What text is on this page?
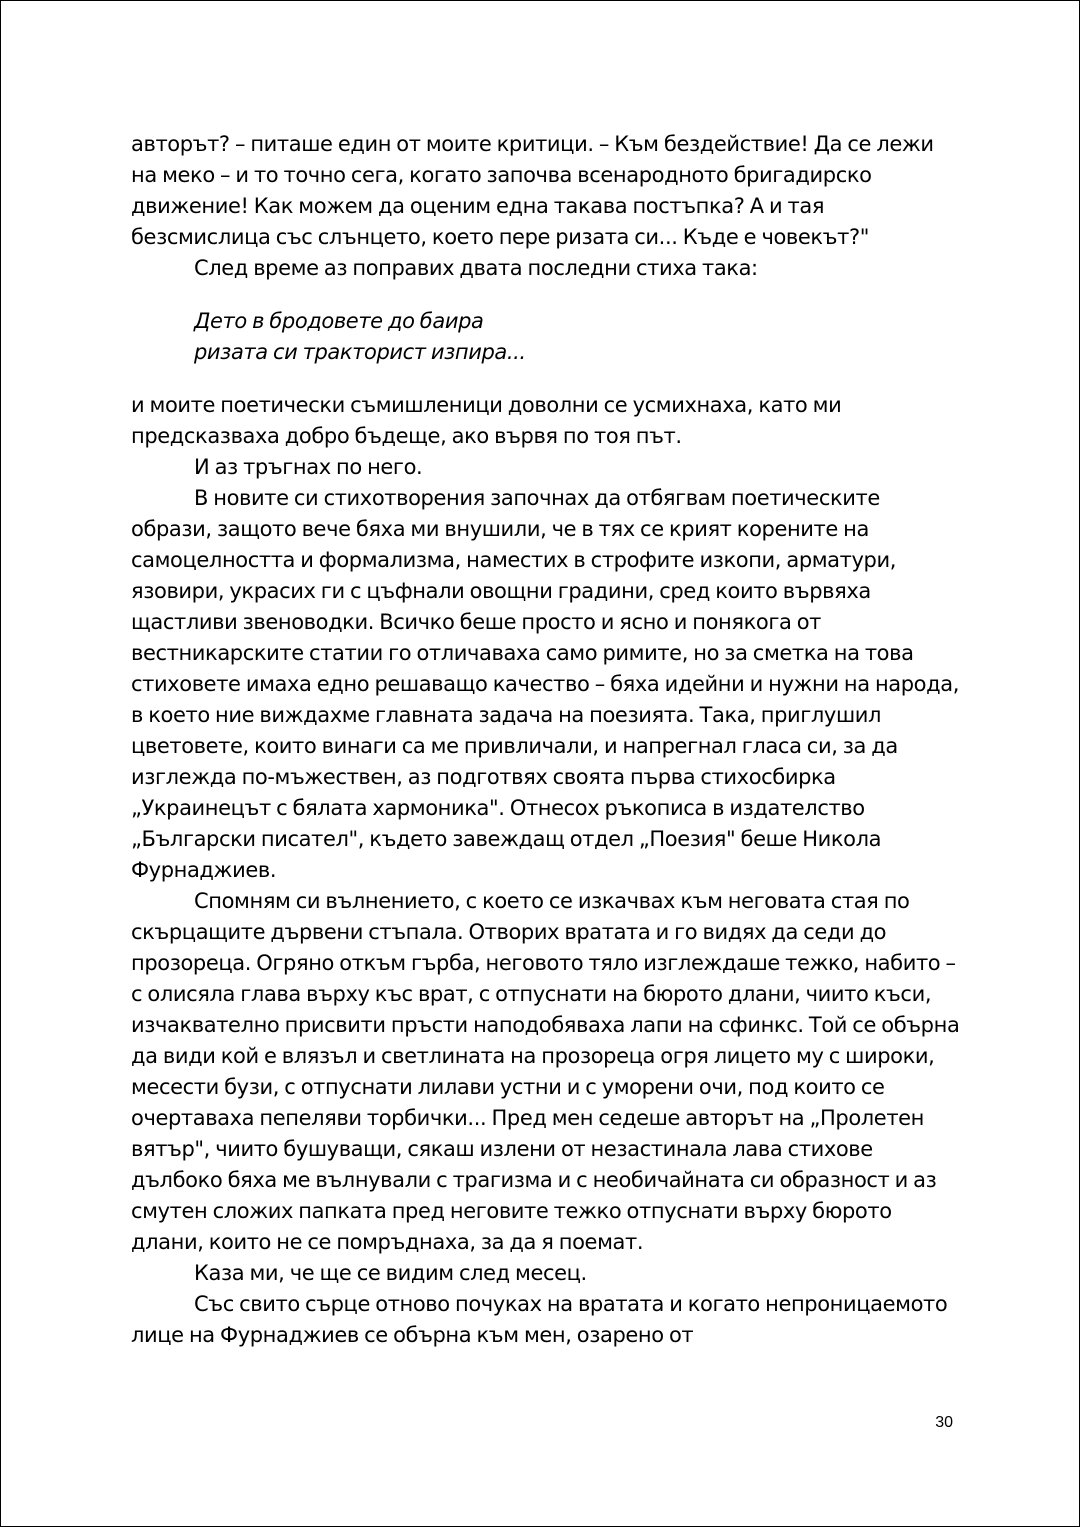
авторът? – питаше един от моите критици. – Към бездействие! Да се лежи на меко – и то точно сега, когато започва всенародното бригадирско движение! Как можем да оценим една такава постъпка? А и тая безсмислица със слънцето, което пере ризата си... Къде е човекът?"

След време аз поправих двата последни стиха така:

Дето в бродовете до баира
ризата си тракторист изпира...

и моите поетически съмишленици доволни се усмихнаха, като ми предсказваха добро бъдеще, ако вървя по тоя път.

И аз тръгнах по него.

В новите си стихотворения започнах да отбягвам поетическите образи, защото вече бяха ми внушили, че в тях се крият корените на самоцелността и формализма, наместих в строфите изкопи, арматури, язовири, украсих ги с цъфнали овощни градини, сред които вървяха щастливи звеноводки. Всичко беше просто и ясно и понякога от вестникарските статии го отличаваха само римите, но за сметка на това стиховете имаха едно решаващо качество – бяха идейни и нужни на народа, в което ние виждахме главната задача на поезията. Така, приглушил цветовете, които винаги са ме привличали, и напрегнал гласа си, за да изглежда по-мъжествен, аз подготвях своята първа стихосбирка „Украинецът с бялата хармоника". Отнесох ръкописа в издателство „Български писател", където завеждащ отдел „Поезия" беше Никола Фурнаджиев.

Спомням си вълнението, с което се изкачвах към неговата стая по скърцащите дървени стъпала. Отворих вратата и го видях да седи до прозореца. Огряно откъм гърба, неговото тяло изглеждаше тежко, набито – с олисяла глава върху къс врат, с отпуснати на бюрото длани, чиито къси, изчаквателно присвити пръсти наподобяваха лапи на сфинкс. Той се обърна да види кой е влязъл и светлината на прозореца огря лицето му с широки, месести бузи, с отпуснати лилави устни и с уморени очи, под които се очертаваха пепеляви торбички... Пред мен седеше авторът на „Пролетен вятър", чиито бушуващи, сякаш излени от незастинала лава стихове дълбоко бяха ме вълнували с трагизма и с необичайната си образност и аз смутен сложих папката пред неговите тежко отпуснати върху бюрото длани, които не се помръднаха, за да я поемат.

Каза ми, че ще се видим след месец.

Със свито сърце отново почуках на вратата и когато непроницаемото лице на Фурнаджиев се обърна към мен, озарено от

30
